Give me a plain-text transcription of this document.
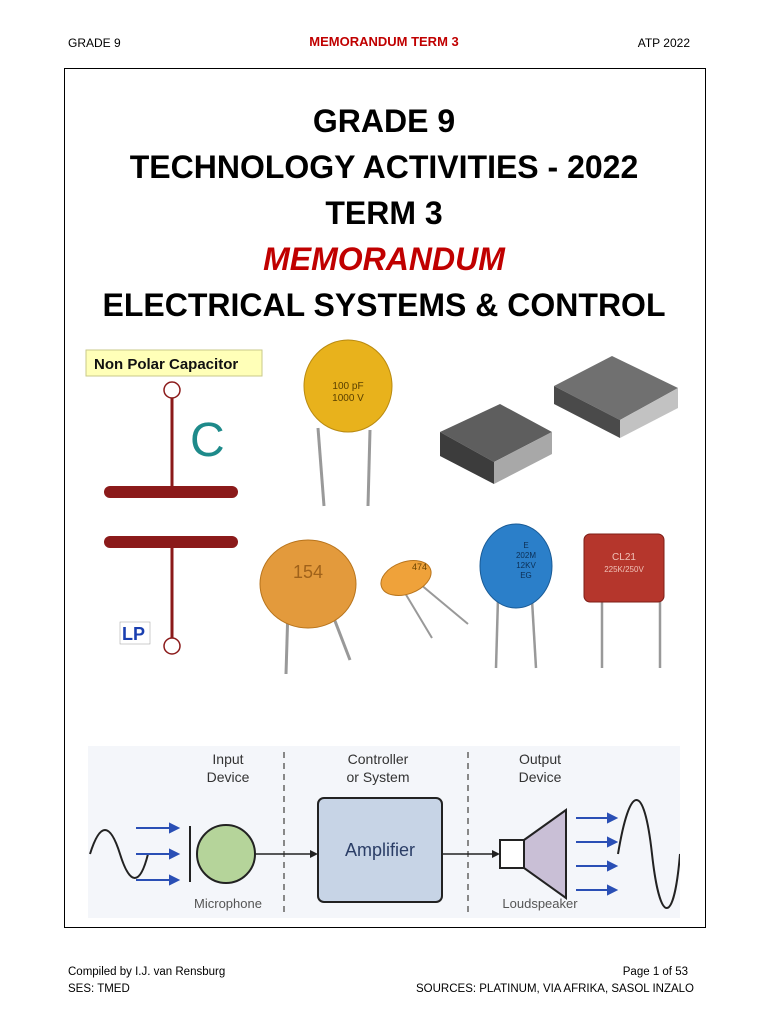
GRADE 9	MEMORANDUM TERM 3	ATP 2022

GRADE 9

TECHNOLOGY ACTIVITIES - 2022

TERM 3

MEMORANDUM

ELECTRICAL SYSTEMS & CONTROL

Non Polar Capacitor
C
LP
100 pF
1000 V
154	474
E
202M
12KV
EG
CL21
225K/250V
Input
Device
Controller
or System
Output
Device
Microphone
Amplifier
Loudspeaker
Compiled by I.J. van Rensburg
SES: TMED
Page 1 of 53
SOURCES: PLATINUM, VIA AFRIKA, SASOL INZALO
